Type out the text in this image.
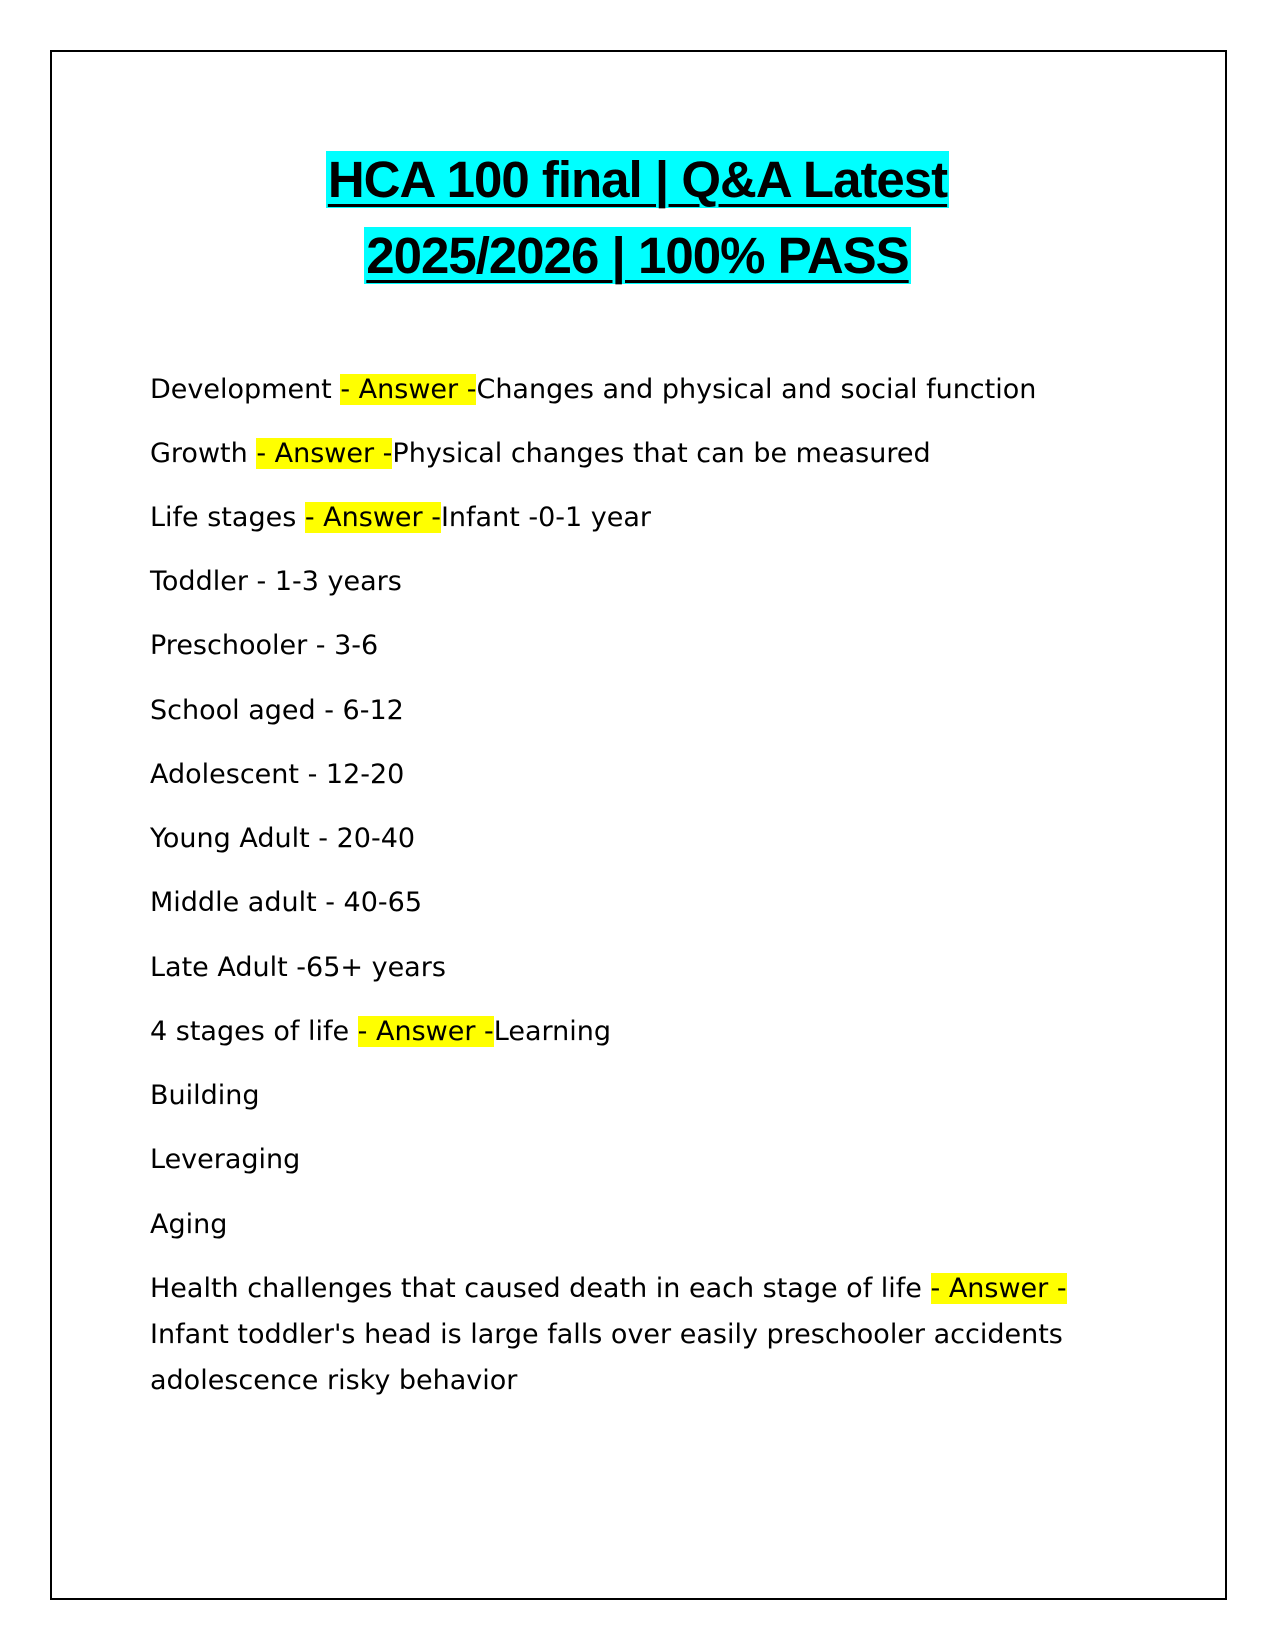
HCA 100 final | Q&A Latest
2025/2026 | 100% PASS
Development - Answer -Changes and physical and social function
Growth - Answer -Physical changes that can be measured
Life stages - Answer -Infant -0-1 year
Toddler - 1-3 years
Preschooler - 3-6
School aged - 6-12
Adolescent - 12-20
Young Adult - 20-40
Middle adult - 40-65
Late Adult -65+ years
4 stages of life - Answer -Learning
Building
Leveraging
Aging
Health challenges that caused death in each stage of life - Answer -Infant toddler's head is large falls over easily preschooler accidents adolescence risky behavior
